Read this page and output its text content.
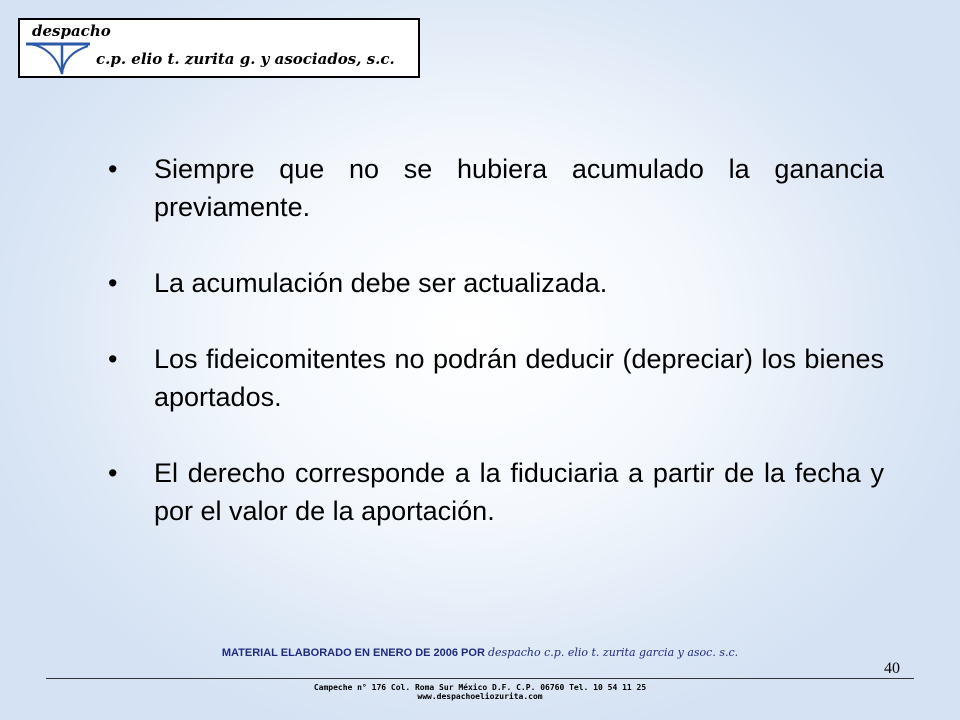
despacho
c.p. elio t. zurita g. y asociados, s.c.
• Siempre que no se hubiera acumulado la ganancia previamente.
• La acumulación debe ser actualizada.
• Los fideicomitentes no podrán deducir (depreciar) los bienes aportados.
• El derecho corresponde a la fiduciaria a partir de la fecha y por el valor de la aportación.
MATERIAL ELABORADO EN ENERO DE 2006 POR despacho c.p. elio t. zurita garcia y asoc. s.c.
40
Campeche n° 176 Col. Roma Sur México D.F. C.P. 06760 Tel. 10 54 11 25
www.despachoeliozurita.com
